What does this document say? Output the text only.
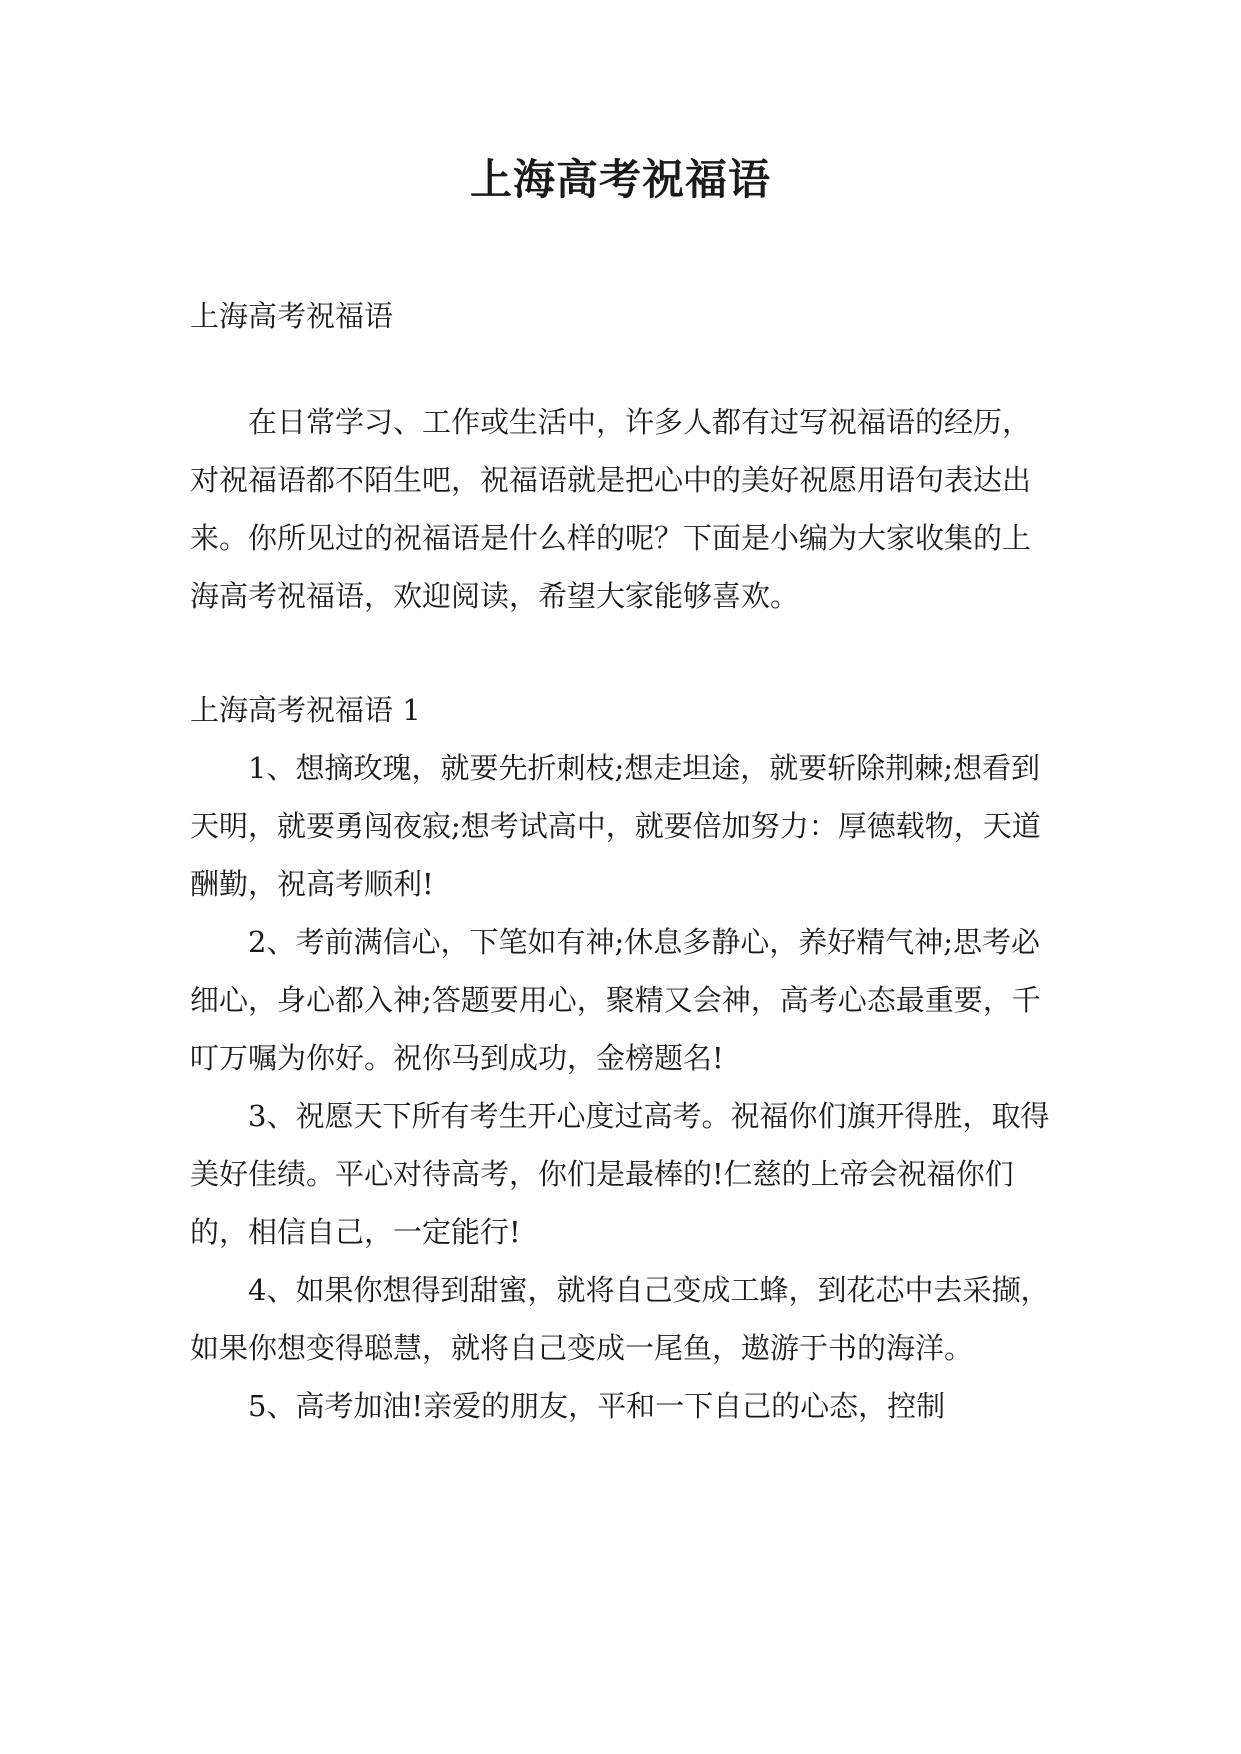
上海高考祝福语

上海高考祝福语

在日常学习、工作或生活中，许多人都有过写祝福语的经历，对祝福语都不陌生吧，祝福语就是把心中的美好祝愿用语句表达出来。你所见过的祝福语是什么样的呢？下面是小编为大家收集的上海高考祝福语，欢迎阅读，希望大家能够喜欢。

上海高考祝福语 1

1、想摘玫瑰，就要先折刺枝;想走坦途，就要斩除荆棘;想看到天明，就要勇闯夜寂;想考试高中，就要倍加努力：厚德载物，天道酬勤，祝高考顺利!

2、考前满信心，下笔如有神;休息多静心，养好精气神;思考必细心，身心都入神;答题要用心，聚精又会神，高考心态最重要，千叮万嘱为你好。祝你马到成功，金榜题名!

3、祝愿天下所有考生开心度过高考。祝福你们旗开得胜，取得美好佳绩。平心对待高考，你们是最棒的!仁慈的上帝会祝福你们的，相信自己，一定能行!

4、如果你想得到甜蜜，就将自己变成工蜂，到花芯中去采撷，如果你想变得聪慧，就将自己变成一尾鱼，遨游于书的海洋。

5、高考加油!亲爱的朋友，平和一下自己的心态，控制
